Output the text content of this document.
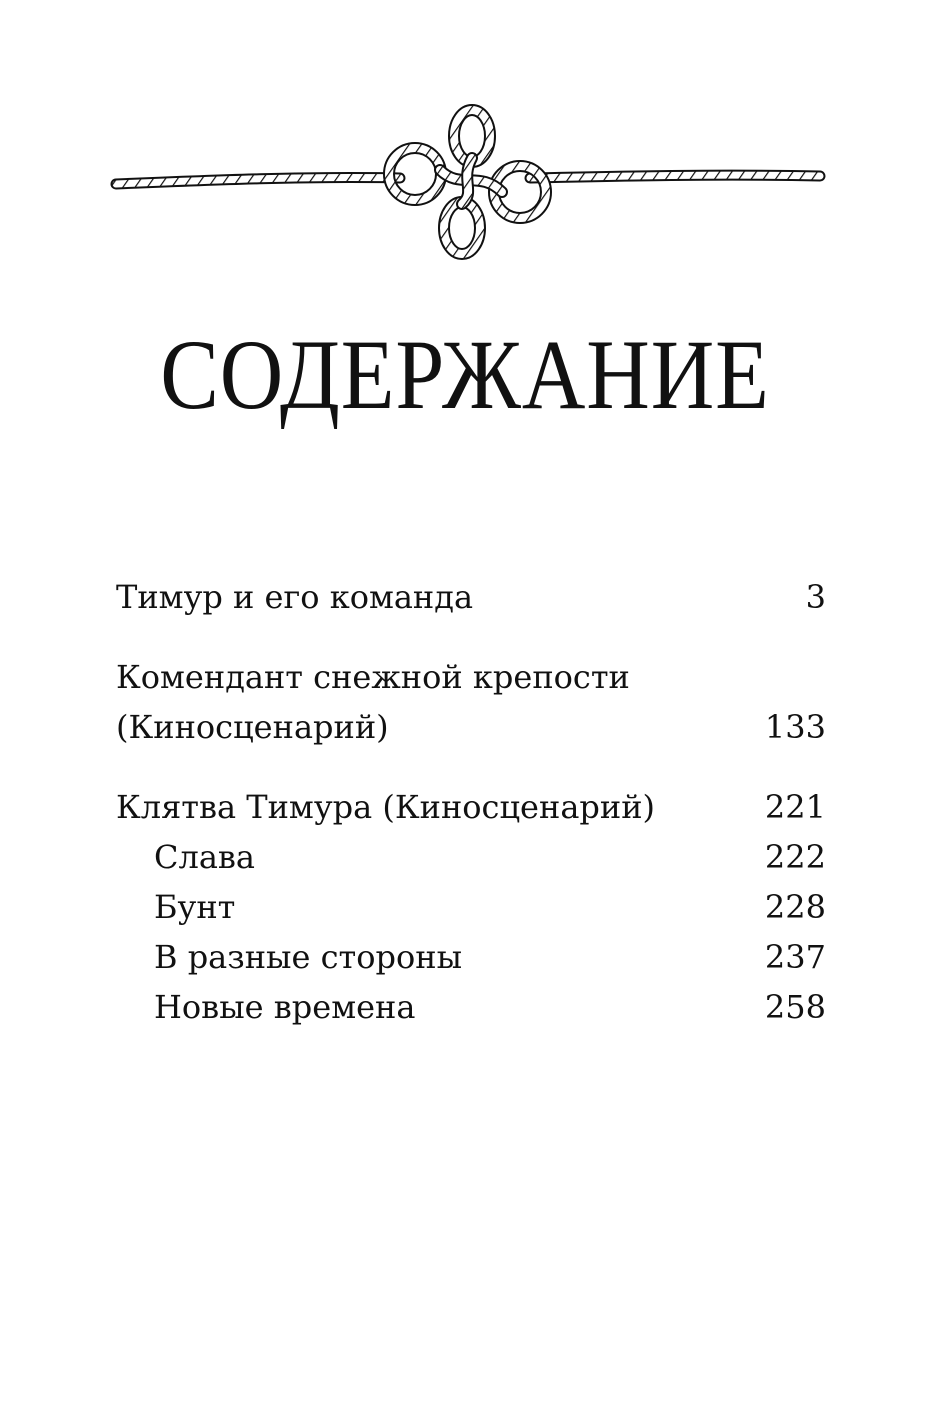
СОДЕРЖАНИЕ
Тимур и его команда	3
Комендант снежной крепости
(Киносценарий)	133
Клятва Тимура (Киносценарий)	221
Слава	222
Бунт	228
В разные стороны	237
Новые времена	258
